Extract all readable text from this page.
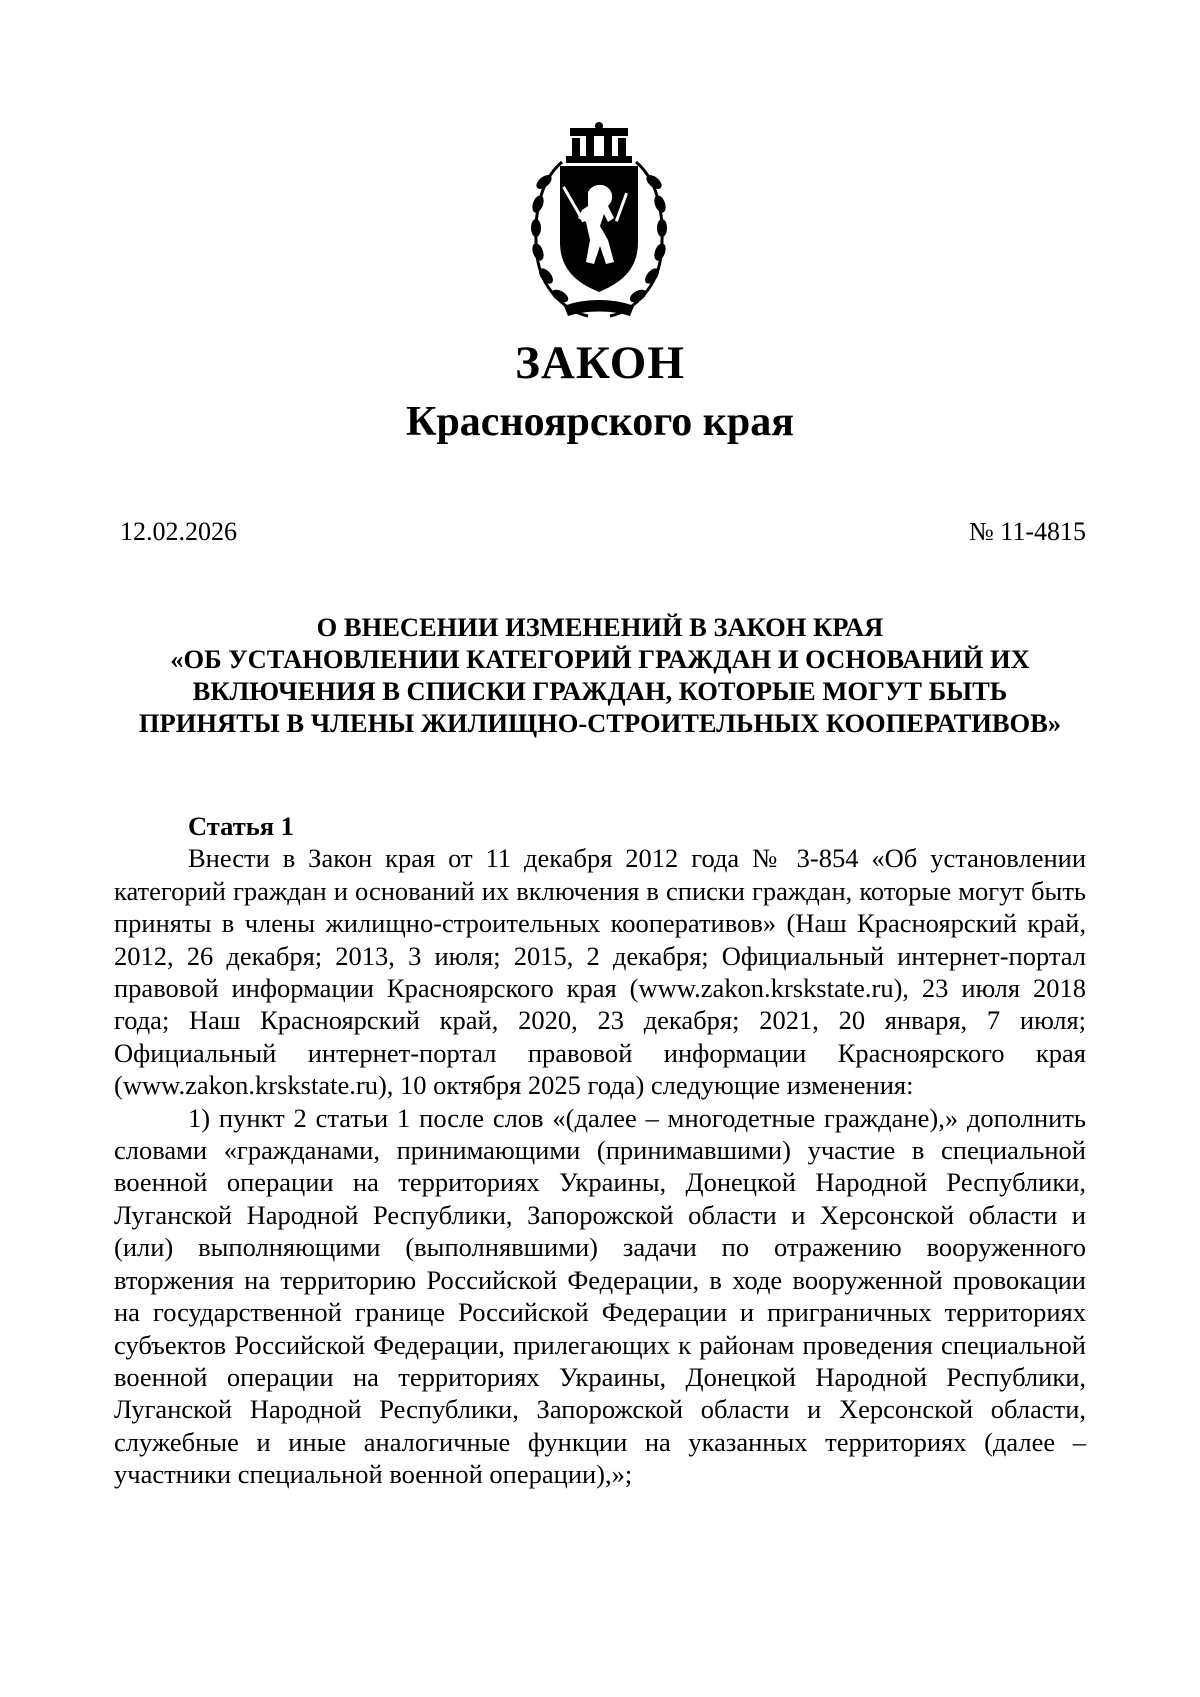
ЗАКОН
Красноярского края
12.02.2026	№ 11-4815
О ВНЕСЕНИИ ИЗМЕНЕНИЙ В ЗАКОН КРАЯ
«ОБ УСТАНОВЛЕНИИ КАТЕГОРИЙ ГРАЖДАН И ОСНОВАНИЙ ИХ
ВКЛЮЧЕНИЯ В СПИСКИ ГРАЖДАН, КОТОРЫЕ МОГУТ БЫТЬ
ПРИНЯТЫ В ЧЛЕНЫ ЖИЛИЩНО-СТРОИТЕЛЬНЫХ КООПЕРАТИВОВ»
Статья 1

Внести в Закон края от 11 декабря 2012 года № 3-854 «Об установлении категорий граждан и оснований их включения в списки граждан, которые могут быть приняты в члены жилищно-строительных кооперативов» (Наш Красноярский край, 2012, 26 декабря; 2013, 3 июля; 2015, 2 декабря; Официальный интернет-портал правовой информации Красноярского края (www.zakon.krskstate.ru), 23 июля 2018 года; Наш Красноярский край, 2020, 23 декабря; 2021, 20 января, 7 июля; Официальный интернет-портал правовой информации Красноярского края (www.zakon.krskstate.ru), 10 октября 2025 года) следующие изменения:

1) пункт 2 статьи 1 после слов «(далее – многодетные граждане),» дополнить словами «гражданами, принимающими (принимавшими) участие в специальной военной операции на территориях Украины, Донецкой Народной Республики, Луганской Народной Республики, Запорожской области и Херсонской области и (или) выполняющими (выполнявшими) задачи по отражению вооруженного вторжения на территорию Российской Федерации, в ходе вооруженной провокации на государственной границе Российской Федерации и приграничных территориях субъектов Российской Федерации, прилегающих к районам проведения специальной военной операции на территориях Украины, Донецкой Народной Республики, Луганской Народной Республики, Запорожской области и Херсонской области, служебные и иные аналогичные функции на указанных территориях (далее – участники специальной военной операции),»;
